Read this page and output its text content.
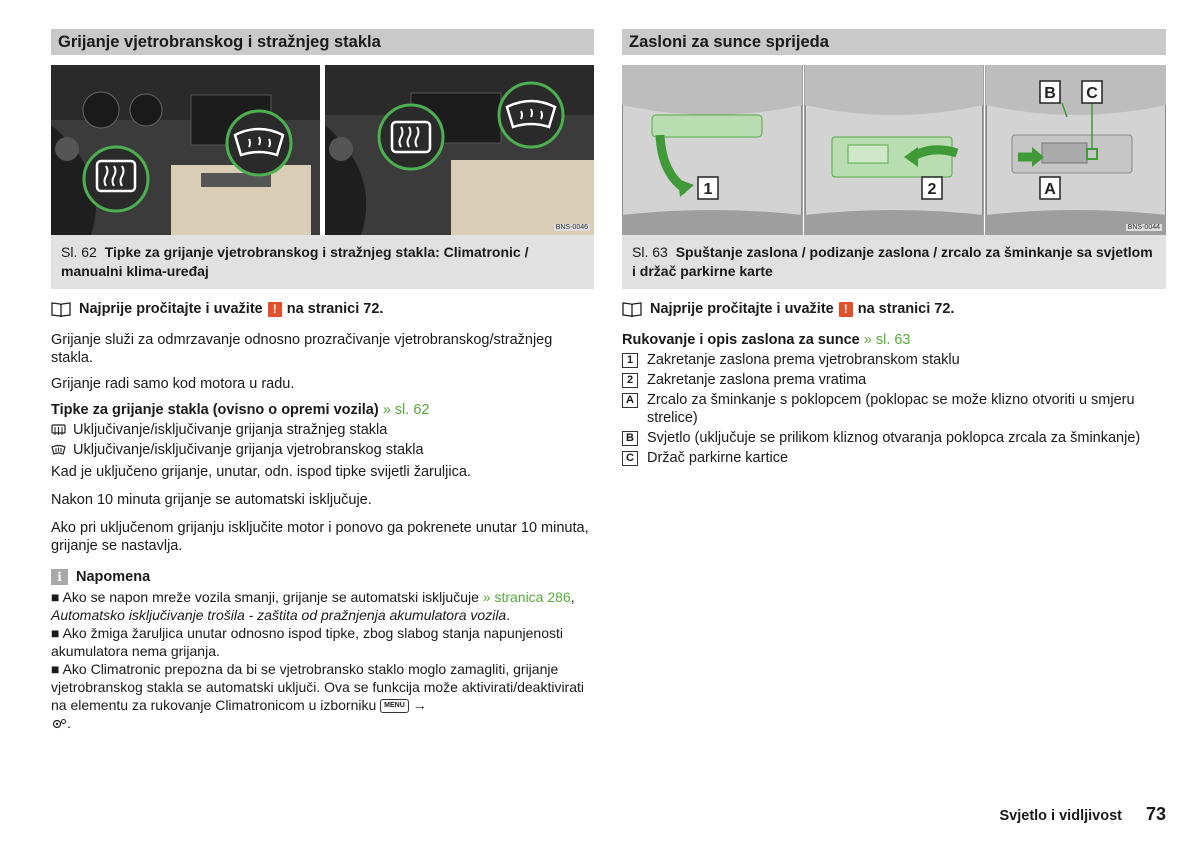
Grijanje vjetrobranskog i stražnjeg stakla
BNS-0046
Sl. 62 Tipke za grijanje vjetrobranskog i stražnjeg stakla: Climatronic / manualni klima-uređaj
Najprije pročitajte i uvažite ! na stranici 72.

Grijanje služi za odmrzavanje odnosno prozračivanje vjetrobranskog/stražnjeg stakla.

Grijanje radi samo kod motora u radu.

Tipke za grijanje stakla (ovisno o opremi vozila) » sl. 62
Uključivanje/isključivanje grijanja stražnjeg stakla
Uključivanje/isključivanje grijanja vjetrobranskog stakla

Kad je uključeno grijanje, unutar, odn. ispod tipke svijetli žaruljica.

Nakon 10 minuta grijanje se automatski isključuje.

Ako pri uključenom grijanju isključite motor i ponovo ga pokrenete unutar 10 minuta, grijanje se nastavlja.

i Napomena
■ Ako se napon mreže vozila smanji, grijanje se automatski isključuje » stranica 286, Automatsko isključivanje trošila - zaštita od pražnjenja akumulatora vozila.
■ Ako žmiga žaruljica unutar odnosno ispod tipke, zbog slabog stanja napunjenosti akumulatora nema grijanja.
■ Ako Climatronic prepozna da bi se vjetrobransko staklo moglo zamagliti, grijanje vjetrobranskog stakla se automatski uključi. Ova se funkcija može aktivirati/deaktivirati na elementu za rukovanje Climatronicom u izborniku MENU →
.
Zasloni za sunce sprijeda
1	2	A
B C
BNS-0044
Sl. 63 Spuštanje zaslona / podizanje zaslona / zrcalo za šminkanje sa svjetlom i držač parkirne karte
Najprije pročitajte i uvažite ! na stranici 72.
Rukovanje i opis zaslona za sunce » sl. 63
1 Zakretanje zaslona prema vjetrobranskom staklu
2 Zakretanje zaslona prema vratima
A Zrcalo za šminkanje s poklopcem (poklopac se može klizno otvoriti u smjeru strelice)
B Svjetlo (uključuje se prilikom kliznog otvaranja poklopca zrcala za šminkanje)
C Držač parkirne kartice
Svjetlo i vidljivost 73
